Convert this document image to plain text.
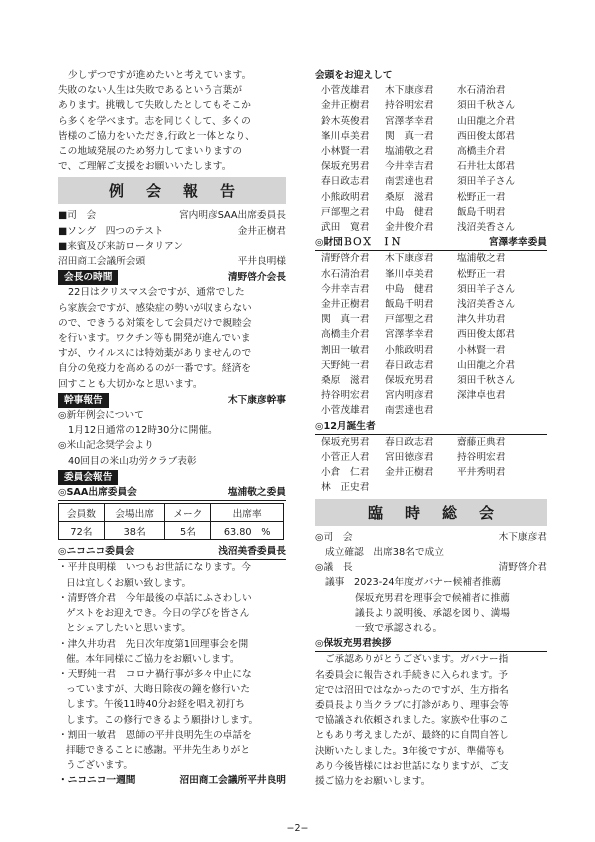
少しずつですが進めたいと考えています。
失敗のない人生は失敗であるという言葉が
あります。挑戦して失敗したとしてもそこか
ら多くを学べます。志を同じくして、多くの
皆様のご協力をいただき,行政と一体となり、
この地域発展のため努力してまいりますの
で、ご理解ご支援をお願いいたします。
例会報告
■司　会	宮内明彦SAA出席委員長
■ソング　四つのテスト	金井正樹君
■来賓及び来訪ロータリアン
沼田商工会議所会頭	平井良明様
会長の時間	清野啓介会長
22日はクリスマス会ですが、通常でした
ら家族会ですが、感染症の勢いが収まらない
ので、できうる対策をして会員だけで親睦会
を行います。ワクチン等も開発が進んでいま
すが、ウイルスには特効薬がありませんので
自分の免疫力を高めるのが一番です。経済を
回すことも大切かなと思います。
幹事報告	木下康彦幹事
◎新年例会について
1月12日通常の12時30分に開催。
◎米山記念奨学会より
40回目の米山功労クラブ表彰
委員会報告
◎SAA出席委員会	塩浦敬之委員
会員数	会場出席	メーク	出席率
72名	38名	5名	63.80　%
◎ニコニコ委員会	浅沼美香委員長
・平井良明様　いつもお世話になります。今
日は宜しくお願い致します。
・清野啓介君　今年最後の卓話にふさわしい
ゲストをお迎えでき。今日の学びを皆さん
とシェアしたいと思います。
・津久井功君　先日次年度第1回理事会を開
催。本年同様にご協力をお願いします。
・天野純一君　コロナ禍行事が多々中止にな
っていますが、大晦日除夜の鐘を修行いた
します。午後11時40分お経を唱え初打ち
します。この修行できるよう願掛けします。
・割田一敏君　恩師の平井良明先生の卓話を
拝聴できることに感謝。平井先生ありがと
うございます。
・ニコニコ一週間	沼田商工会議所平井良明
会頭をお迎えして
小菅茂雄君	木下康彦君	水石清治君
金井正樹君	持谷明宏君	須田千秋さん
鈴木英俊君	宮澤孝幸君	山田龍之介君
峯川卓美君	関　真一君	西田俊太郎君
小林賢一君	塩浦敬之君	高橋圭介君
保坂充男君	今井幸吉君	石井壮太郎君
春日政志君	南雲達也君	須田羊子さん
小熊政明君	桑原　滋君	松野正一君
戸部聖之君	中島　健君	飯島千明君
武田　寛君	金井俊介君	浅沼美香さん
◎財団ＢＯＸ　ＩＮ	宮澤孝幸委員
清野啓介君	木下康彦君	塩浦敬之君
水石清治君	峯川卓美君	松野正一君
今井幸吉君	中島　健君	須田羊子さん
金井正樹君	飯島千明君	浅沼美香さん
関　真一君	戸部聖之君	津久井功君
高橋圭介君	宮澤孝幸君	西田俊太郎君
割田一敏君	小熊政明君	小林賢一君
天野純一君	春日政志君	山田龍之介君
桑原　滋君	保坂充男君	須田千秋さん
持谷明宏君	宮内明彦君	深津卓也君
小菅茂雄君	南雲達也君
◎12月誕生者
保坂充男君	春日政志君	齋藤正典君
小菅正人君	宮田徳彦君	持谷明宏君
小倉　仁君	金井正樹君	平井秀明君
林　正史君
臨時総会
◎司　会	木下康彦君
成立確認　出席38名で成立
◎議　長	清野啓介君
議事　2023-24年度ガバナー候補者推薦
保坂充男君を理事会で候補者に推薦
議長より説明後、承認を図り、満場
一致で承認される。
◎保坂充男君挨拶
ご承認ありがとうございます。ガバナー指
名委員会に報告され手続きに入られます。予
定では沼田ではなかったのですが、生方指名
委員長より当クラブに打診があり、理事会等
で協議され依頼されました。家族や仕事のこ
ともあり考えましたが、最終的に自問自答し
決断いたしました。3年後ですが、準備等も
あり今後皆様にはお世話になりますが、ご支
援ご協力をお願いします。
−2−
